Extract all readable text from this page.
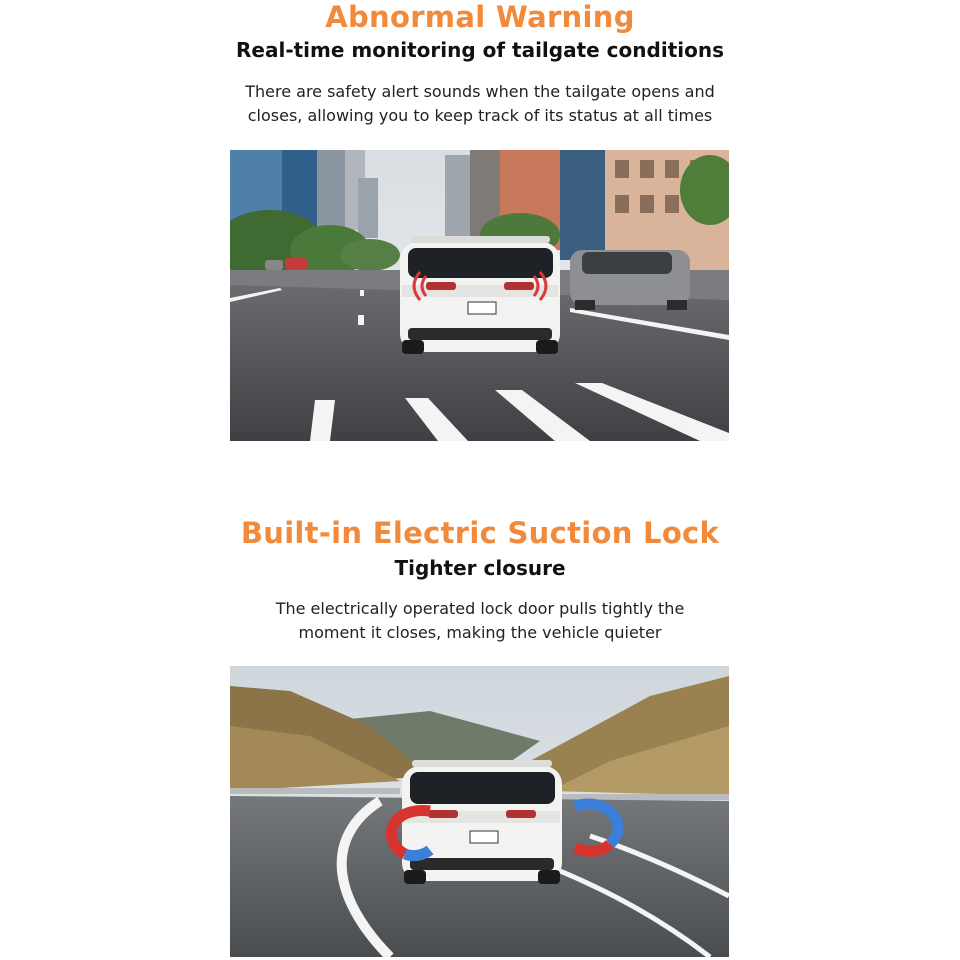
Abnormal Warning
Real-time monitoring of tailgate conditions
There are safety alert sounds when the tailgate opens and closes, allowing you to keep track of its status at all times
Built-in Electric Suction Lock
Tighter closure
The electrically operated lock door pulls tightly the moment it closes, making the vehicle quieter
